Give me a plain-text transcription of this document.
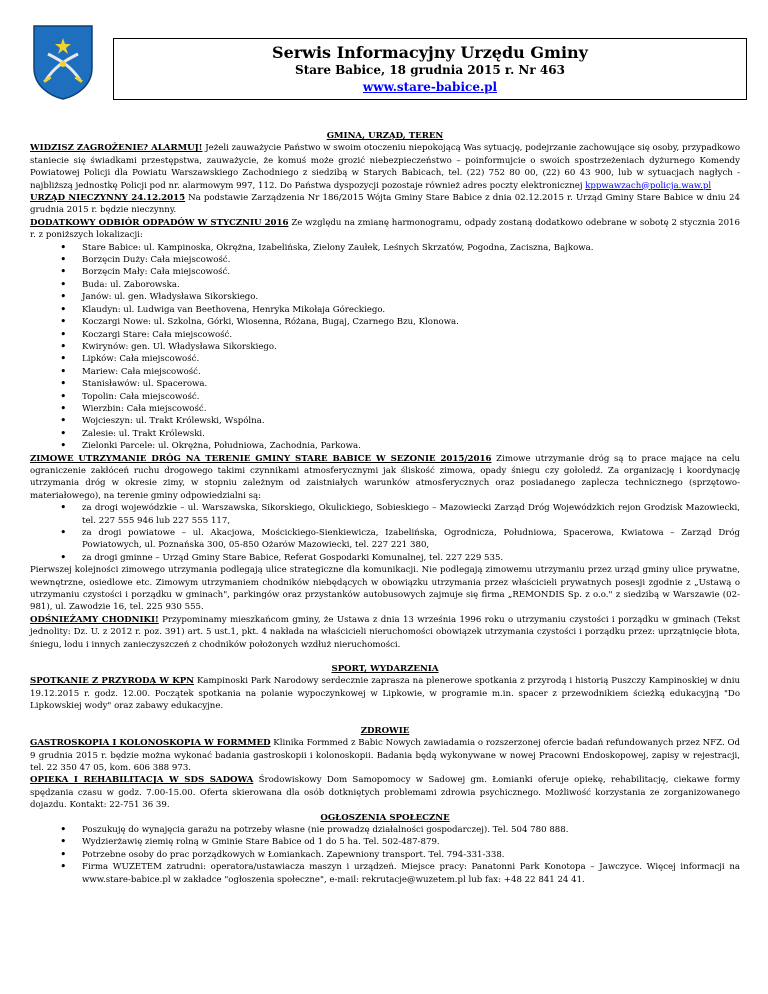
Serwis Informacyjny Urzędu Gminy
Stare Babice, 18 grudnia 2015 r. Nr 463
www.stare-babice.pl

GMINA, URZĄD, TEREN

WIDZISZ ZAGROŻENIE? ALARMUJ! Jeżeli zauważycie Państwo w swoim otoczeniu niepokojącą Was sytuację, podejrzanie zachowujące się osoby, przypadkowo staniecie się świadkami przestępstwa, zauważycie, że komuś może grozić niebezpieczeństwo – poinformujcie o swoich spostrzeżeniach dyżurnego Komendy Powiatowej Policji dla Powiatu Warszawskiego Zachodniego z siedzibą w Starych Babicach, tel. (22) 752 80 00, (22) 60 43 900, lub w sytuacjach nagłych - najbliższą jednostkę Policji pod nr. alarmowym 997, 112. Do Państwa dyspozycji pozostaje również adres poczty elektronicznej kppwawzach@policja.waw.pl

URZĄD NIECZYNNY 24.12.2015 Na podstawie Zarządzenia Nr 186/2015 Wójta Gminy Stare Babice z dnia 02.12.2015 r. Urząd Gminy Stare Babice w dniu 24 grudnia 2015 r. będzie nieczynny.

DODATKOWY ODBIÓR ODPADÓW W STYCZNIU 2016 Ze względu na zmianę harmonogramu, odpady zostaną dodatkowo odebrane w sobotę 2 stycznia 2016 r. z poniższych lokalizacji:

• Stare Babice: ul. Kampinoska, Okrężna, Izabelińska, Zielony Zaułek, Leśnych Skrzatów, Pogodna, Zaciszna, Bajkowa.
• Borzęcin Duży: Cała miejscowość.
• Borzęcin Mały: Cała miejscowość.
• Buda: ul. Zaborowska.
• Janów: ul. gen. Władysława Sikorskiego.
• Klaudyn: ul. Ludwiga van Beethovena, Henryka Mikołaja Góreckiego.
• Koczargi Nowe: ul. Szkolna, Górki, Wiosenna, Różana, Bugaj, Czarnego Bzu, Klonowa.
• Koczargi Stare: Cała miejscowość.
• Kwirynów: gen. Ul. Władysława Sikorskiego.
• Lipków: Cała miejscowość.
• Mariew: Cała miejscowość.
• Stanisławów: ul. Spacerowa.
• Topolin: Cała miejscowość.
• Wierzbin: Cała miejscowość.
• Wojcieszyn: ul. Trakt Królewski, Wspólna.
• Zalesie: ul. Trakt Królewski.
• Zielonki Parcele: ul. Okrężna, Południowa, Zachodnia, Parkowa.

ZIMOWE UTRZYMANIE DRÓG NA TERENIE GMINY STARE BABICE W SEZONIE 2015/2016 Zimowe utrzymanie dróg są to prace mające na celu ograniczenie zakłóceń ruchu drogowego takimi czynnikami atmosferycznymi jak śliskość zimowa, opady śniegu czy gołoledź. Za organizację i koordynację utrzymania dróg w okresie zimy, w stopniu zależnym od zaistniałych warunków atmosferycznych oraz posiadanego zaplecza technicznego (sprzętowo-materiałowego), na terenie gminy odpowiedzialni są:

• za drogi wojewódzkie – ul. Warszawska, Sikorskiego, Okulickiego, Sobieskiego – Mazowiecki Zarząd Dróg Wojewódzkich rejon Grodzisk Mazowiecki, tel. 227 555 946 lub 227 555 117,
• za drogi powiatowe – ul. Akacjowa, Mościckiego-Sienkiewicza, Izabelińska, Ogrodnicza, Południowa, Spacerowa, Kwiatowa – Zarząd Dróg Powiatowych, ul. Poznańska 300, 05-850 Ożarów Mazowiecki, tel. 227 221 380,
• za drogi gminne – Urząd Gminy Stare Babice, Referat Gospodarki Komunalnej, tel. 227 229 535.

Pierwszej kolejności zimowego utrzymania podlegają ulice strategiczne dla komunikacji. Nie podlegają zimowemu utrzymaniu przez urząd gminy ulice prywatne, wewnętrzne, osiedlowe etc. Zimowym utrzymaniem chodników niebędących w obowiązku utrzymania przez właścicieli prywatnych posesji zgodnie z „Ustawą o utrzymaniu czystości i porządku w gminach", parkingów oraz przystanków autobusowych zajmuje się firma „REMONDIS Sp. z o.o." z siedzibą w Warszawie (02-981), ul. Zawodzie 16, tel. 225 930 555.

ODŚNIEŻAMY CHODNIKI! Przypominamy mieszkańcom gminy, że Ustawa z dnia 13 września 1996 roku o utrzymaniu czystości i porządku w gminach (Tekst jednolity: Dz. U. z 2012 r. poz. 391) art. 5 ust.1, pkt. 4 nakłada na właścicieli nieruchomości obowiązek utrzymania czystości i porządku przez: uprzątnięcie błota, śniegu, lodu i innych zanieczyszczeń z chodników położonych wzdłuż nieruchomości.

SPORT, WYDARZENIA

SPOTKANIE Z PRZYRODĄ W KPN Kampinoski Park Narodowy serdecznie zaprasza na plenerowe spotkania z przyrodą i historią Puszczy Kampinoskiej w dniu 19.12.2015 r. godz. 12.00. Początek spotkania na polanie wypoczynkowej w Lipkowie, w programie m.in. spacer z przewodnikiem ścieżką edukacyjną "Do Lipkowskiej wody" oraz zabawy edukacyjne.

ZDROWIE

GASTROSKOPIA I KOLONOSKOPIA W FORMMED Klinika Formmed z Babic Nowych zawiadamia o rozszerzonej ofercie badań refundowanych przez NFZ. Od 9 grudnia 2015 r. będzie można wykonać badania gastroskopii i kolonoskopii. Badania będą wykonywane w nowej Pracowni Endoskopowej, zapisy w rejestracji, tel. 22 350 47 05, kom. 606 388 973.

OPIEKA I REHABILITACJA W SDS SADOWA Środowiskowy Dom Samopomocy w Sadowej gm. Łomianki oferuje opiekę, rehabilitację, ciekawe formy spędzania czasu w godz. 7.00-15.00. Oferta skierowana dla osób dotkniętych problemami zdrowia psychicznego. Możliwość korzystania ze zorganizowanego dojazdu. Kontakt: 22-751 36 39.

OGŁOSZENIA SPOŁECZNE

• Poszukuję do wynajęcia garażu na potrzeby własne (nie prowadzę działalności gospodarczej). Tel. 504 780 888.
• Wydzierżawię ziemię rolną w Gminie Stare Babice od 1 do 5 ha. Tel. 502-487-879.
• Potrzebne osoby do prac porządkowych w Łomiankach. Zapewniony transport. Tel. 794-331-338.
• Firma WUZETEM zatrudni: operatora/ustawiacza maszyn i urządzeń. Miejsce pracy: Panatonni Park Konotopa – Jawczyce. Więcej informacji na www.stare-babice.pl w zakładce "ogłoszenia społeczne", e-mail: rekrutacje@wuzetem.pl lub fax: +48 22 841 24 41.
